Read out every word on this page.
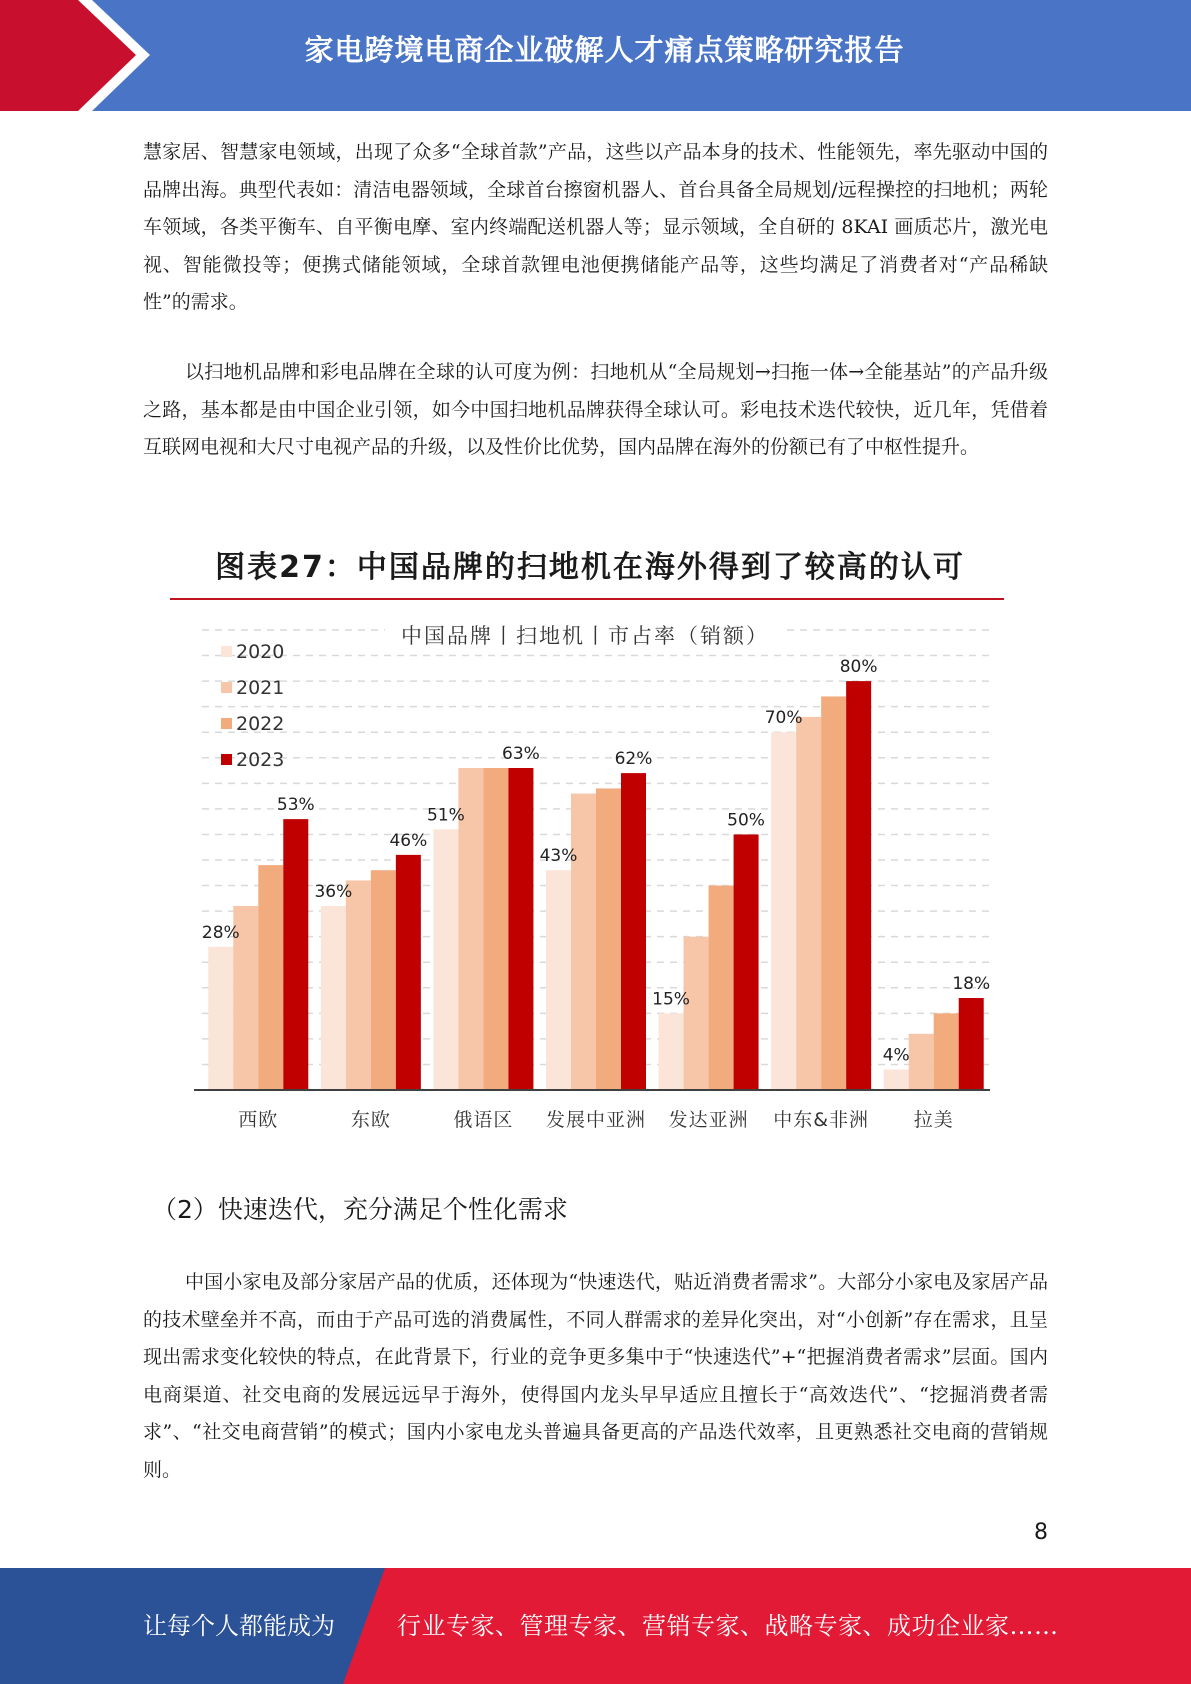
家电跨境电商企业破解人才痛点策略研究报告

慧家居、智慧家电领域，出现了众多“全球首款”产品，这些以产品本身的技术、性能领先，率先驱动中国的品牌出海。典型代表如：清洁电器领域，全球首台擦窗机器人、首台具备全局规划/远程操控的扫地机；两轮车领域，各类平衡车、自平衡电摩、室内终端配送机器人等；显示领域，全自研的 8KAI 画质芯片，激光电视、智能微投等；便携式储能领域，全球首款锂电池便携储能产品等，这些均满足了消费者对“产品稀缺性”的需求。

以扫地机品牌和彩电品牌在全球的认可度为例：扫地机从“全局规划→扫拖一体→全能基站”的产品升级之路，基本都是由中国企业引领，如今中国扫地机品牌获得全球认可。彩电技术迭代较快，近几年，凭借着互联网电视和大尺寸电视产品的升级，以及性价比优势，国内品牌在海外的份额已有了中枢性提升。

图表27：中国品牌的扫地机在海外得到了较高的认可
中国品牌丨扫地机丨市占率（销额）
西欧	东欧	俄语区 发展中亚洲 发达亚洲 中东&非洲 拉美
28%
53%
36%
46%
51%
63%
43%
62%
15%
50%
70%
80%
4%
18%
2020
2021
2022
2023
（2）快速迭代，充分满足个性化需求

中国小家电及部分家居产品的优质，还体现为“快速迭代，贴近消费者需求”。大部分小家电及家居产品的技术壁垒并不高，而由于产品可选的消费属性，不同人群需求的差异化突出，对“小创新”存在需求，且呈现出需求变化较快的特点，在此背景下，行业的竞争更多集中于“快速迭代”+“把握消费者需求”层面。国内电商渠道、社交电商的发展远远早于海外，使得国内龙头早早适应且擅长于“高效迭代”、“挖掘消费者需求”、“社交电商营销”的模式；国内小家电龙头普遍具备更高的产品迭代效率，且更熟悉社交电商的营销规则。

8
让每个人都能成为	行业专家、管理专家、营销专家、战略专家、成功企业家……
